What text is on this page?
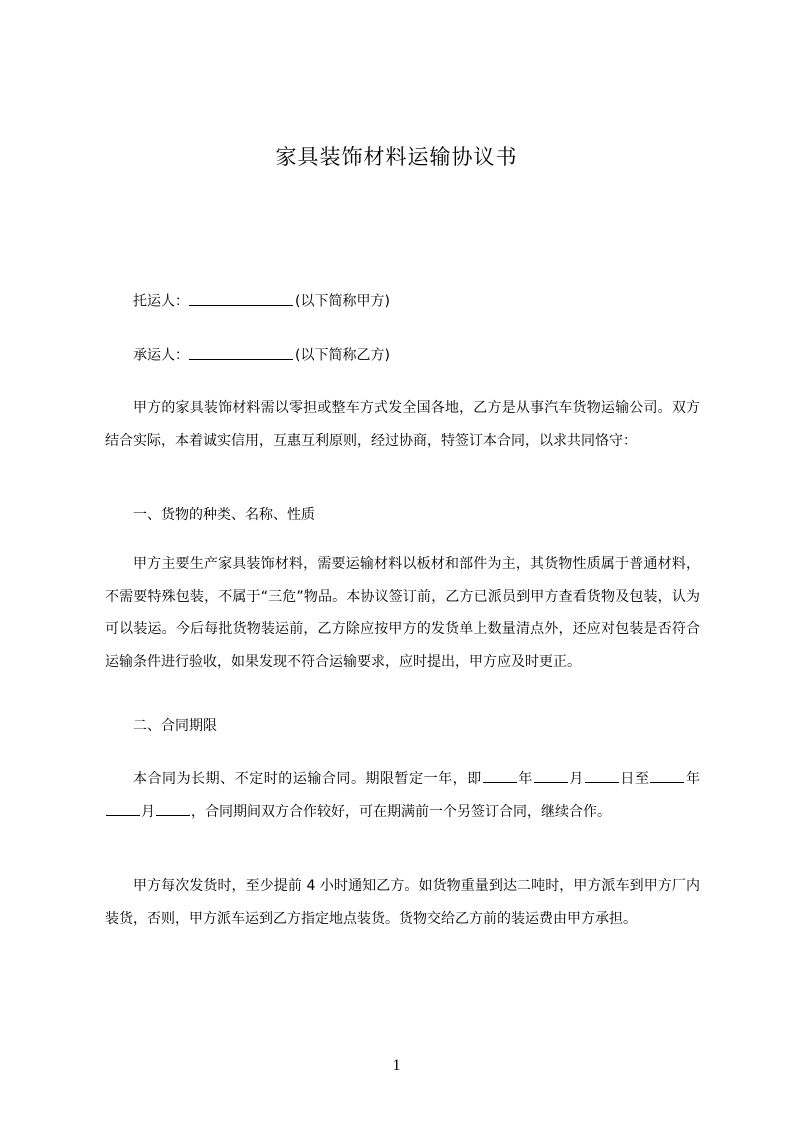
家具装饰材料运输协议书
托运人：	(以下简称甲方)
承运人：	(以下简称乙方)
甲方的家具装饰材料需以零担或整车方式发全国各地，乙方是从事汽车货物运输公司。双方结合实际，本着诚实信用，互惠互利原则，经过协商，特签订本合同，以求共同恪守：
一、货物的种类、名称、性质
甲方主要生产家具装饰材料，需要运输材料以板材和部件为主，其货物性质属于普通材料，不需要特殊包装，不属于“三危”物品。本协议签订前，乙方已派员到甲方查看货物及包装，认为可以装运。今后每批货物装运前，乙方除应按甲方的发货单上数量清点外，还应对包装是否符合运输条件进行验收，如果发现不符合运输要求，应时提出，甲方应及时更正。
二、合同期限
本合同为长期、不定时的运输合同。期限暂定一年，即	年	月	日至	年月	，合同期间双方合作较好，可在期满前一个另签订合同，继续合作。
甲方每次发货时，至少提前 4 小时通知乙方。如货物重量到达二吨时，甲方派车到甲方厂内装货，否则，甲方派车运到乙方指定地点装货。货物交给乙方前的装运费由甲方承担。
1
